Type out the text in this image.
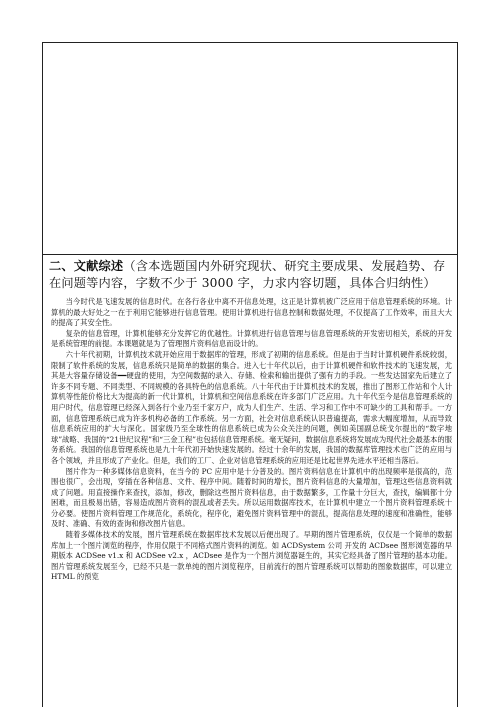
二、文献综述（含本选题国内外研究现状、研究主要成果、发展趋势、存在问题等内容，字数不少于 3000 字，力求内容切题，具体合归纳性）

当今时代是飞速发展的信息时代。在各行各业中离不开信息处理，这正是计算机被广泛应用于信息管理系统的环境。计算机的最大好处之一在于利用它能够进行信息管理。使用计算机进行信息控制和数据处理，不仅提高了工作效率，而且大大的提高了其安全性。

复杂的信息管理，计算机能够充分发挥它的优越性。计算机进行信息管理与信息管理系统的开发密切相关，系统的开发是系统管理的前提。本课题就是为了管理图片资料信息而设计的。

六十年代初期，计算机技术就开始应用于数据库的管理，形成了初期的信息系统。但是由于当时计算机硬件系统较弱，限制了软件系统的发展，信息系统只是简单的数据的集合。进入七十年代以后，由于计算机硬件和软件技术的飞速发展，尤其是大容量存储设备━━硬盘的使用，为空间数据的录入、存储、检索和输出提供了强有力的手段。一些发达国家先后建立了许多不同专题、不同类型、不同规模的各具特色的信息系统。八十年代由于计算机技术的发展，推出了图形工作站和个人计算机等性能价格比大为提高的新一代计算机，计算机和空间信息系统在许多部门广泛应用。九十年代至今是信息管理系统的用户时代，信息管理已经深入到各行个业乃至千家万户，成为人们生产、生活、学习和工作中不可缺少的工具和帮手。一方面，信息管理系统已成为许多机构必备的工作系统。另一方面，社会对信息系统认识普遍提高，需求大幅度增加，从而导致信息系统应用的扩大与深化。国家级乃至全球性的信息系统已成为公众关注的问题，例如美国副总统戈尔提出的“数字地球”战略、我国的“21世纪议程”和“三金工程”也包括信息管理系统。毫无疑问，数据信息系统将发展成为现代社会最基本的服务系统。我国的信息管理系统也是九十年代初开始快速发展的。经过十余年的发展，我国的数据库管理技术也广泛的应用与各个领域，并且形成了产业化。但是，我们的工厂、企业对信息管理系统的应用还是比起世界先进水平还相当落后。

图片作为一种多媒体信息资料，在当今的 PC 应用中是十分普及的。图片资料信息在计算机中的出现频率是很高的，范围也很广，会出现，穿插在各种信息、文件、程序中间。随着时间的增长，图片资料信息的大量增加，管理这些信息资料就成了问题。用直接操作来查找，添加，修改，删除这些图片资料信息，由于数据繁多，工作量十分巨大，查找，编辑都十分困难，而且极易出错，容易造成图片资料的混乱或者丢失。所以运用数据库技术，在计算机中建立一个图片资料管理系统十分必要。使图片资料管理工作规范化，系统化，程序化，避免图片资料管理中的混乱，提高信息处理的速度和准确性，能够及时、准确、有效的查询和修改图片信息。

随着多媒体技术的发展，图片管理系统在数据库技术发展以后便出现了。早期的图片管理系统，仅仅是一个简单的数据库加上一个图片浏览的程序，作用仅限于不同格式图片资料的浏览。如 ACDSystem 公司 开发的 ACDsee 图形浏览器的早期版本 ACDSee v1.x 和 ACDSee v2.x ，ACDsee 是作为一个图片浏览器诞生的，其实它经具备了图片管理的基本功能。图片管理系统发展至今，已经不只是一款单纯的图片浏览程序，目前流行的图片管理系统可以帮助的图象数据库，可以建立 HTML 的预览
